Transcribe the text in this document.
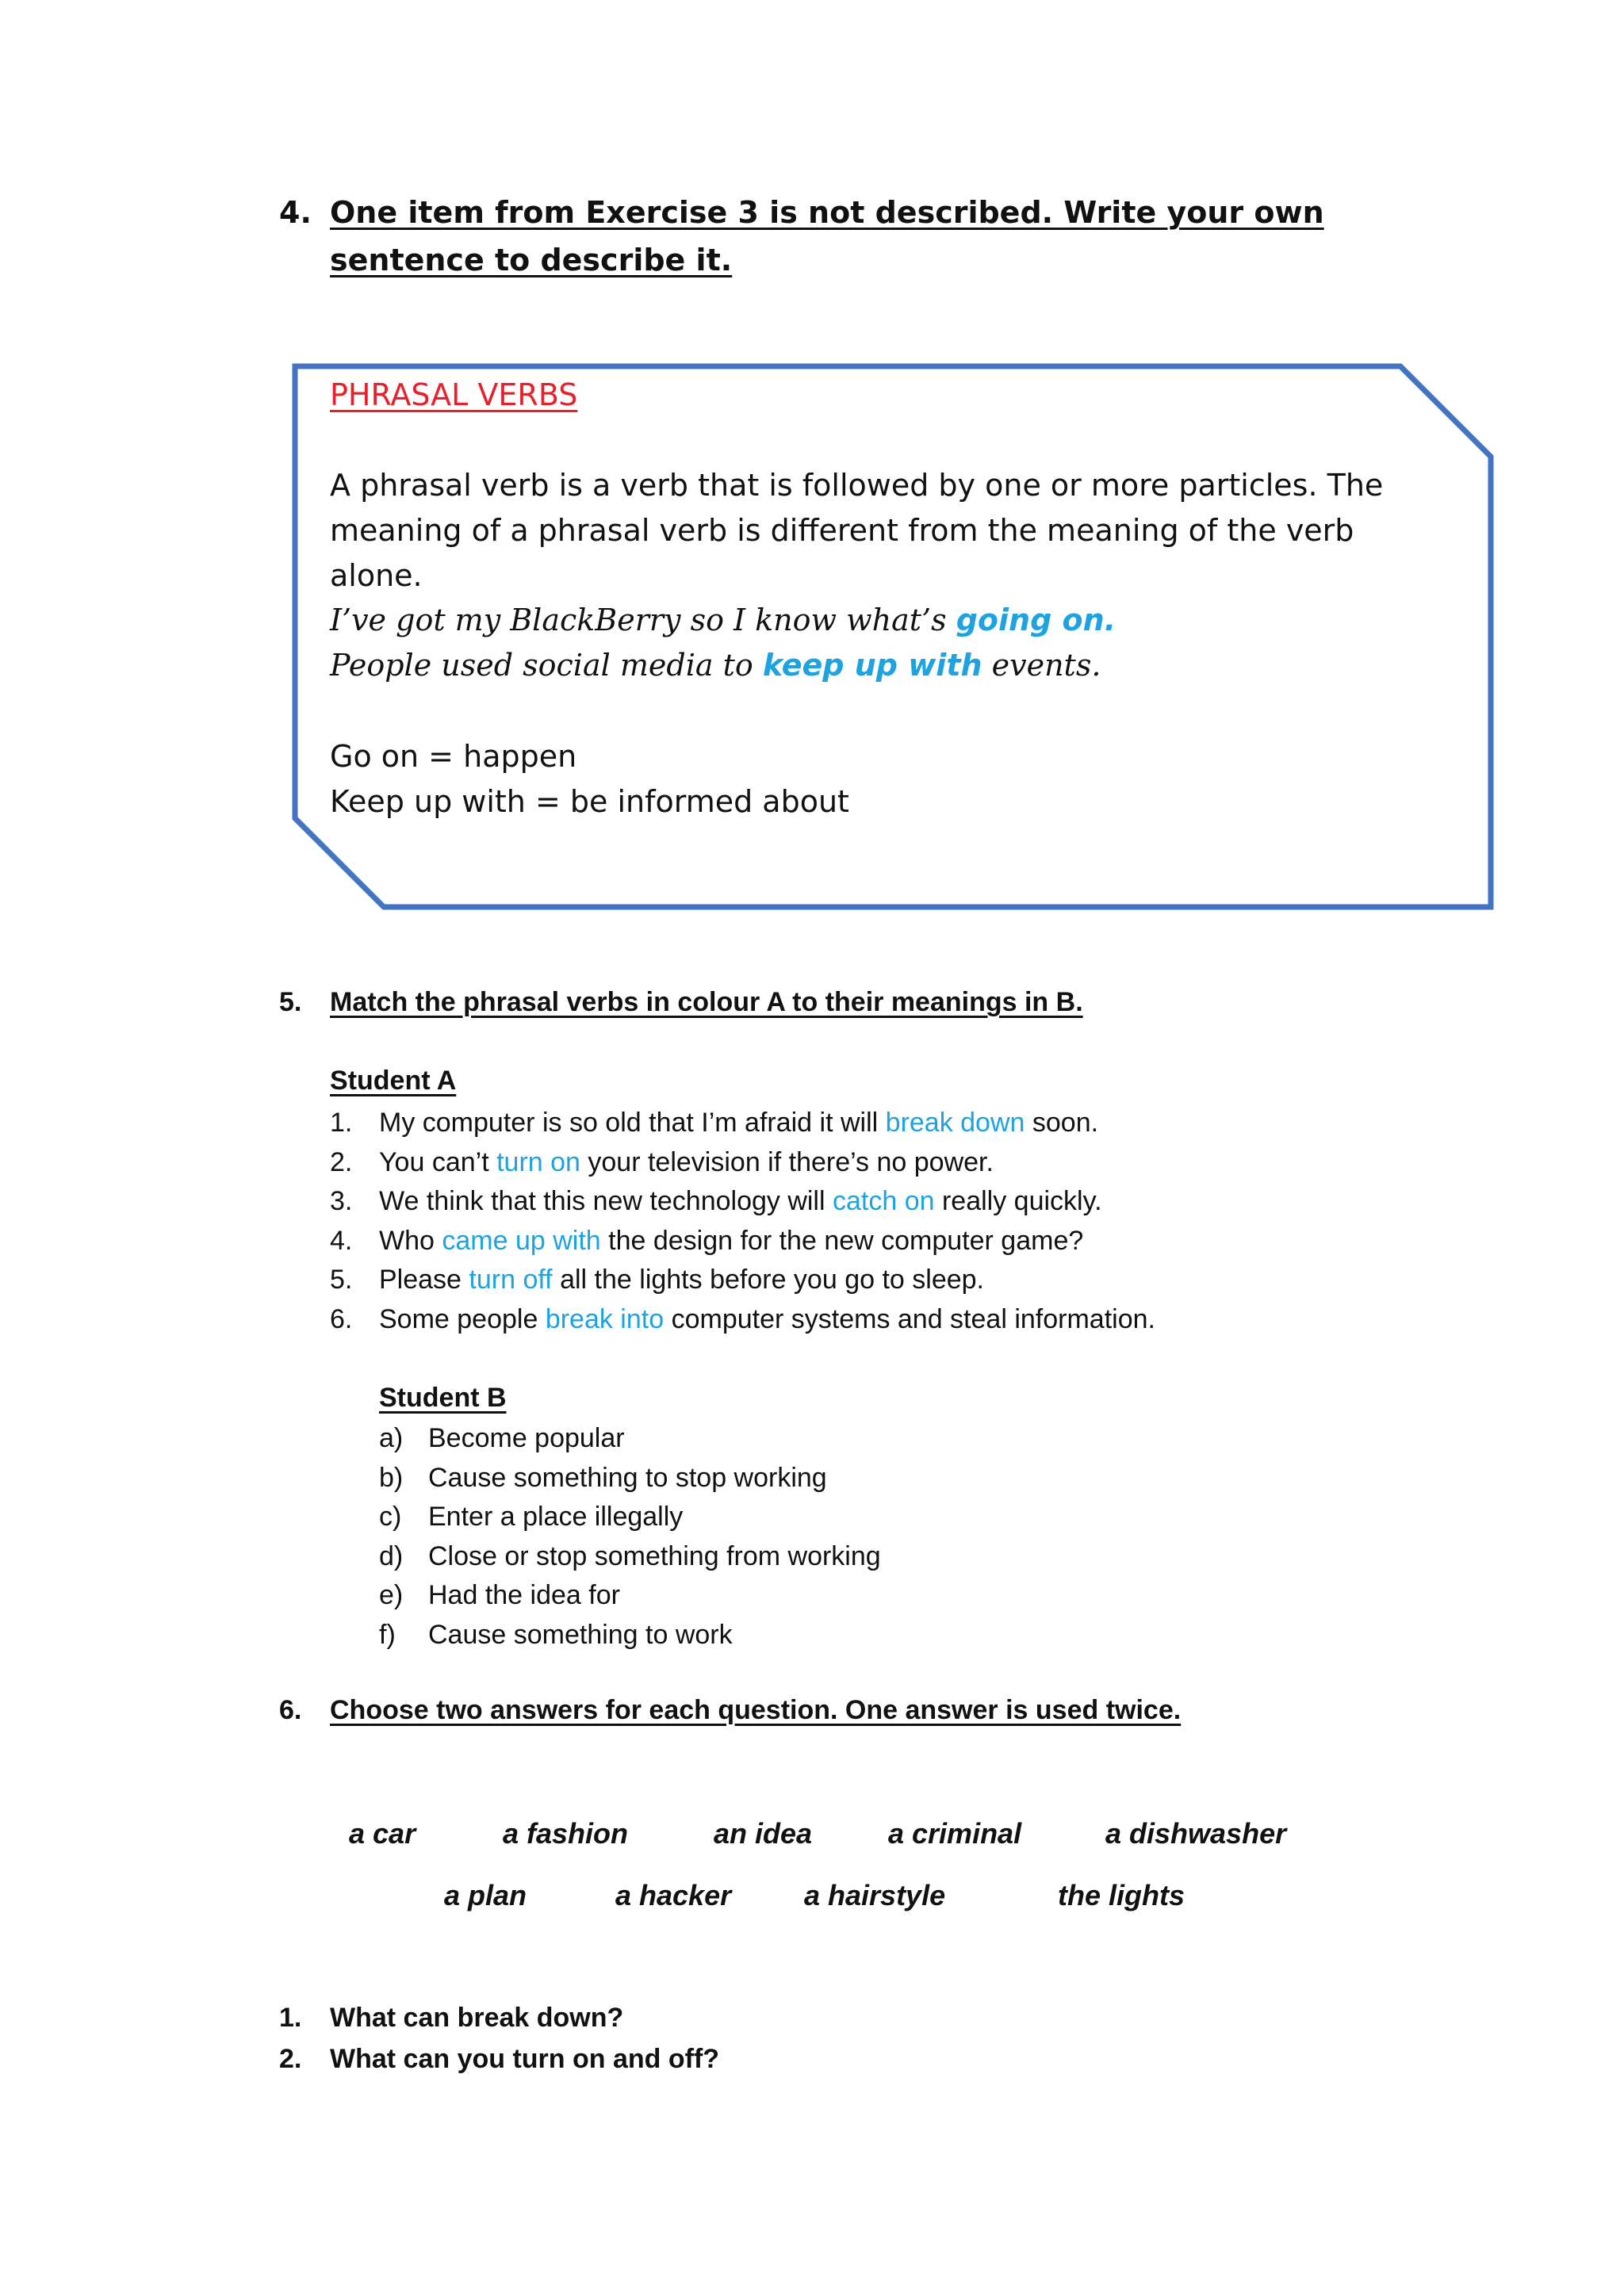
4. One item from Exercise 3 is not described. Write your own sentence to describe it.
PHRASAL VERBS
A phrasal verb is a verb that is followed by one or more particles. The meaning of a phrasal verb is different from the meaning of the verb alone.
I’ve got my BlackBerry so I know what’s going on.
People used social media to keep up with events.
Go on = happen
Keep up with = be informed about
5. Match the phrasal verbs in colour A to their meanings in B.
Student A
1. My computer is so old that I’m afraid it will break down soon.
2. You can’t turn on your television if there’s no power.
3. We think that this new technology will catch on really quickly.
4. Who came up with the design for the new computer game?
5. Please turn off all the lights before you go to sleep.
6. Some people break into computer systems and steal information.
Student B
a) Become popular
b) Cause something to stop working
c) Enter a place illegally
d) Close or stop something from working
e) Had the idea for
f) Cause something to work
6. Choose two answers for each question. One answer is used twice.
a car	a fashion	an idea	a criminal	a dishwasher
a plan	a hacker	a hairstyle	the lights
1. What can break down?
2. What can you turn on and off?
